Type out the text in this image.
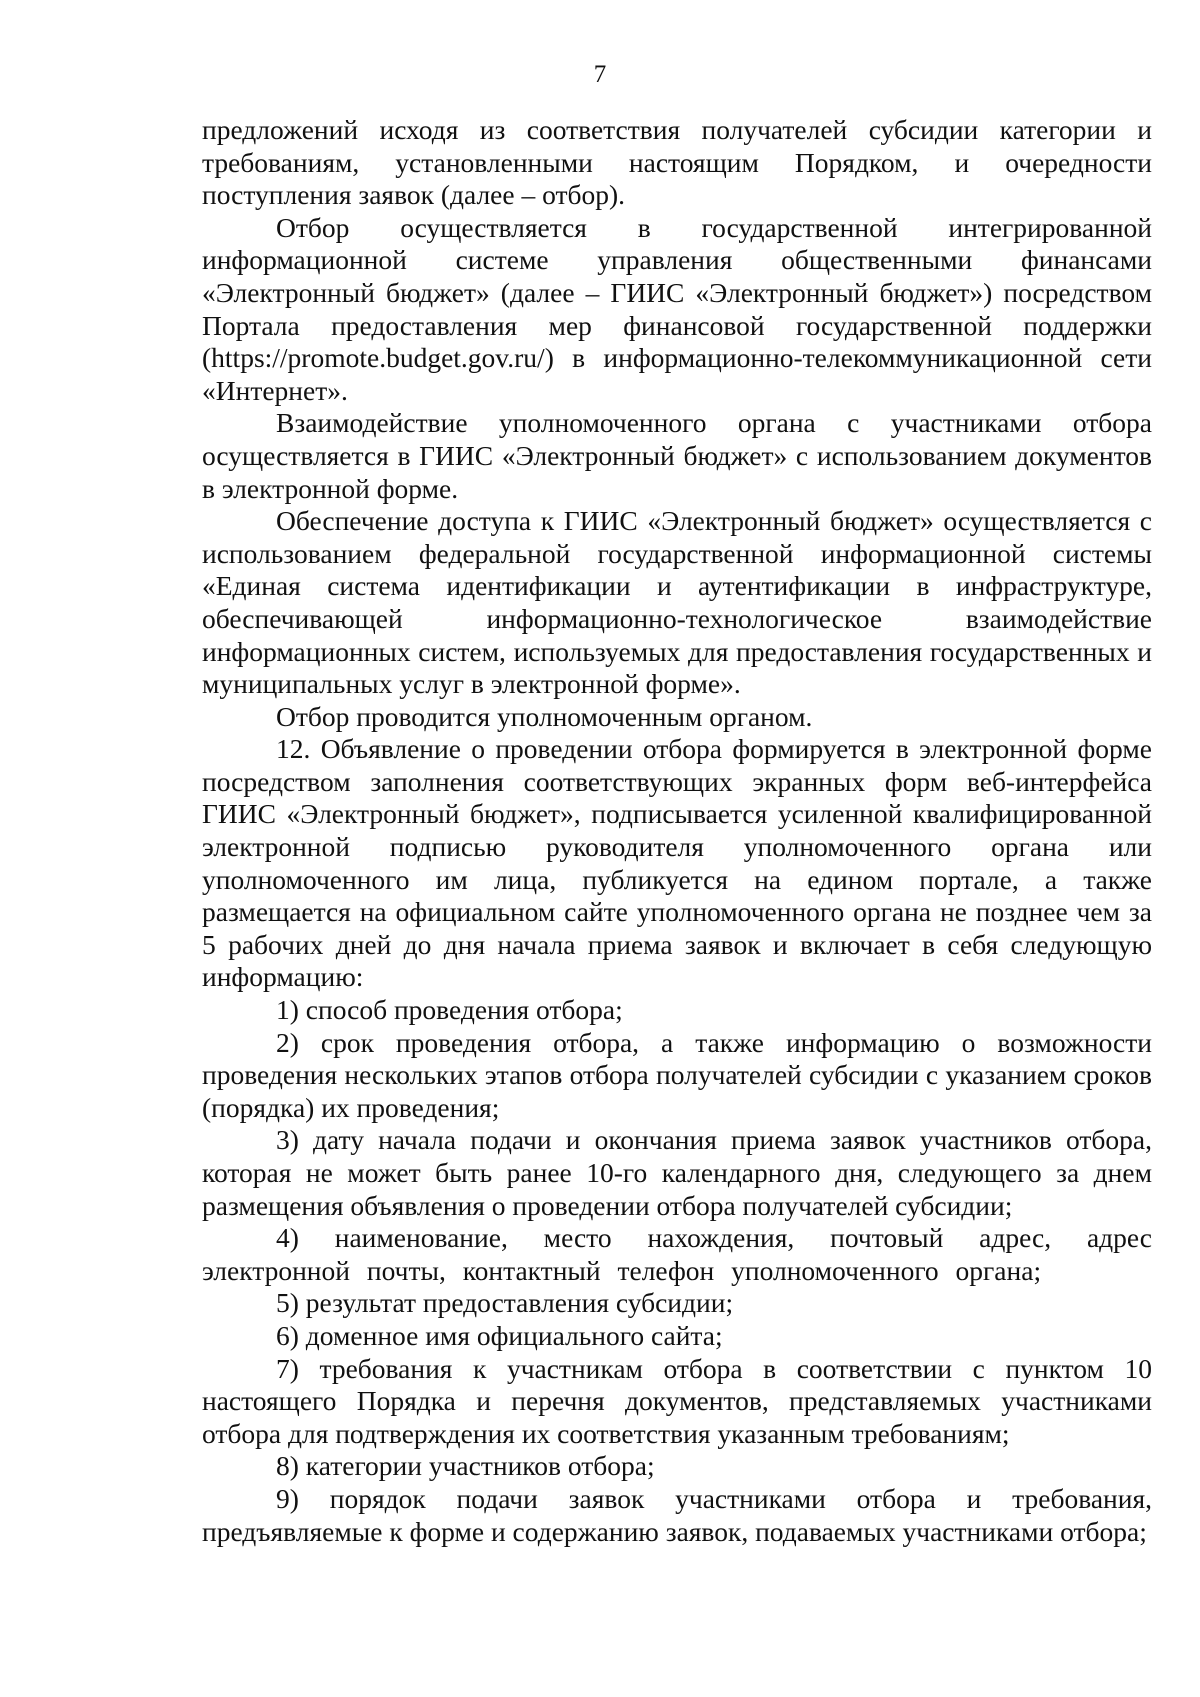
7

предложений исходя из соответствия получателей субсидии категории и требованиям, установленными настоящим Порядком, и очередности поступления заявок (далее – отбор).

Отбор осуществляется в государственной интегрированной информационной системе управления общественными финансами «Электронный бюджет» (далее – ГИИС «Электронный бюджет») посредством Портала предоставления мер финансовой государственной поддержки (https://promote.budget.gov.ru/) в информационно-телекоммуникационной сети «Интернет».

Взаимодействие уполномоченного органа с участниками отбора осуществляется в ГИИС «Электронный бюджет» с использованием документов в электронной форме.

Обеспечение доступа к ГИИС «Электронный бюджет» осуществляется с использованием федеральной государственной информационной системы «Единая система идентификации и аутентификации в инфраструктуре, обеспечивающей информационно-технологическое взаимодействие информационных систем, используемых для предоставления государственных и муниципальных услуг в электронной форме».

Отбор проводится уполномоченным органом.

12. Объявление о проведении отбора формируется в электронной форме посредством заполнения соответствующих экранных форм веб-интерфейса ГИИС «Электронный бюджет», подписывается усиленной квалифицированной электронной подписью руководителя уполномоченного органа или уполномоченного им лица, публикуется на едином портале, а также размещается на официальном сайте уполномоченного органа не позднее чем за 5 рабочих дней до дня начала приема заявок и включает в себя следующую информацию:

1) способ проведения отбора;

2) срок проведения отбора, а также информацию о возможности проведения нескольких этапов отбора получателей субсидии с указанием сроков (порядка) их проведения;

3) дату начала подачи и окончания приема заявок участников отбора, которая не может быть ранее 10-го календарного дня, следующего за днем размещения объявления о проведении отбора получателей субсидии;

4) наименование, место нахождения, почтовый адрес, адрес электронной почты, контактный телефон уполномоченного органа;

5) результат предоставления субсидии;

6) доменное имя официального сайта;

7) требования к участникам отбора в соответствии с пунктом 10 настоящего Порядка и перечня документов, представляемых участниками отбора для подтверждения их соответствия указанным требованиям;

8) категории участников отбора;

9) порядок подачи заявок участниками отбора и требования, предъявляемые к форме и содержанию заявок, подаваемых участниками отбора;
